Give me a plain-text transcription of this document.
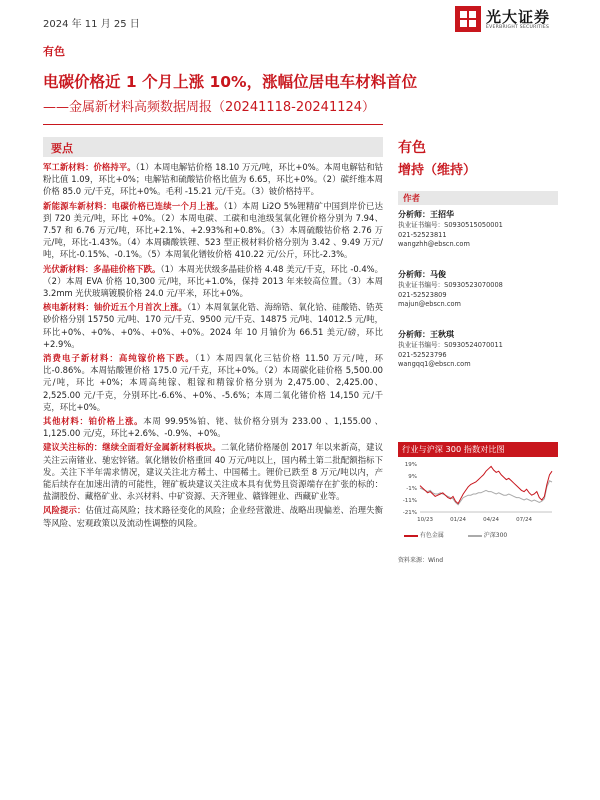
2024 年 11 月 25 日	光大证券
EVERBRIGHT SECURITIES
有色
电碳价格近 1 个月上涨 10%，涨幅位居电车材料首位
——金属新材料高频数据周报（20241118-20241124）
要点

军工新材料：价格持平。（1）本周电解钴价格 18.10 万元/吨，环比+0%。本周电解钴和钴粉比值 1.09，环比+0%；电解钴和硫酸钴价格比值为 6.65，环比+0%。（2）碳纤维本周价格 85.0 元/千克，环比+0%。毛利 -15.21 元/千克。（3）铍价格持平。

新能源车新材料：电碳价格已连续一个月上涨。（1）本周 Li2O 5%锂精矿中国到岸价已达到 720 美元/吨，环比 +0%。（2）本周电碳、工碳和电池级氢氧化锂价格分别为 7.94、7.57 和 6.76 万元/吨，环比+2.1%、+2.93%和+0.8%。（3）本周硫酸钴价格 2.76 万元/吨，环比-1.43%。（4）本周磷酸铁锂、523 型正极材料价格分别为 3.42 、9.49 万元/吨，环比-0.15%、-0.1%。（5）本周氧化镨钕价格 410.22 元/公斤，环比-2.3%。

光伏新材料：多晶硅价格下跌。（1）本周光伏级多晶硅价格 4.48 美元/千克，环比 -0.4%。（2）本周 EVA 价格 10,300 元/吨，环比+1.0%，保持 2013 年来较高位置。（3）本周 3.2mm 光伏玻璃镀膜价格 24.0 元/平米，环比+0%。

核电新材料：铀价近五个月首次上涨。（1）本周氧氯化锆、海绵锆、氧化铪、硅酸锆、锆英砂价格分别 15750 元/吨、170 元/千克、9500 元/千克、14875 元/吨、14012.5 元/吨，环比+0%、+0%、+0%、+0%、+0%。2024 年 10 月铀价为 66.51 美元/磅，环比+2.9%。

消费电子新材料：高纯镓价格下跌。（1）本周四氧化三钴价格 11.50 万元/吨，环比-0.86%。本周钴酸锂价格 175.0 元/千克，环比+0%。（2）本周碳化硅价格 5,500.00 元/吨，环比 +0%；本周高纯镓、粗镓和精镓价格分别为 2,475.00、2,425.00、2,525.00 元/千克，分别环比-6.6%、+0%、-5.6%；本周二氧化锗价格 14,150 元/千克，环比+0%。

其他材料：铂价格上涨。本周 99.95%铂、铑、钛价格分别为 233.00 、1,155.00 、1,125.00 元/克，环比+2.6%、-0.9%、+0%。

建议关注标的：继续全面看好金属新材料板块。二氧化锗价格屡创 2017 年以来新高，建议关注云南锗业、驰宏锌锗。氧化镨钕价格重回 40 万元/吨以上，国内稀土第二批配额指标下发。关注下半年需求情况，建议关注北方稀土、中国稀土。锂价已跌至 8 万元/吨以内，产能后续存在加速出清的可能性，锂矿板块建议关注成本具有优势且资源端存在扩张的标的：盐湖股份、藏格矿业、永兴材料、中矿资源、天齐锂业、赣锋锂业、西藏矿业等。

风险提示：估值过高风险；技术路径变化的风险；企业经营激进、战略出现偏差、治理失衡等风险、宏观政策以及流动性调整的风险。

有色
增持（维持）
作者
分析师：王招华
执业证书编号：S0930515050001
021-52523811
wangzhh@ebscn.com
分析师：马俊
执业证书编号：S0930523070008
021-52523809
majun@ebscn.com
分析师：王秋琪
执业证书编号：S0930524070011
021-52523796
wangqq1@ebscn.com
行业与沪深 300 指数对比图
19%
9%
-1%
-11%
-21%
10/23	01/24	04/24	07/24
有色金属	沪深300
资料来源：Wind
